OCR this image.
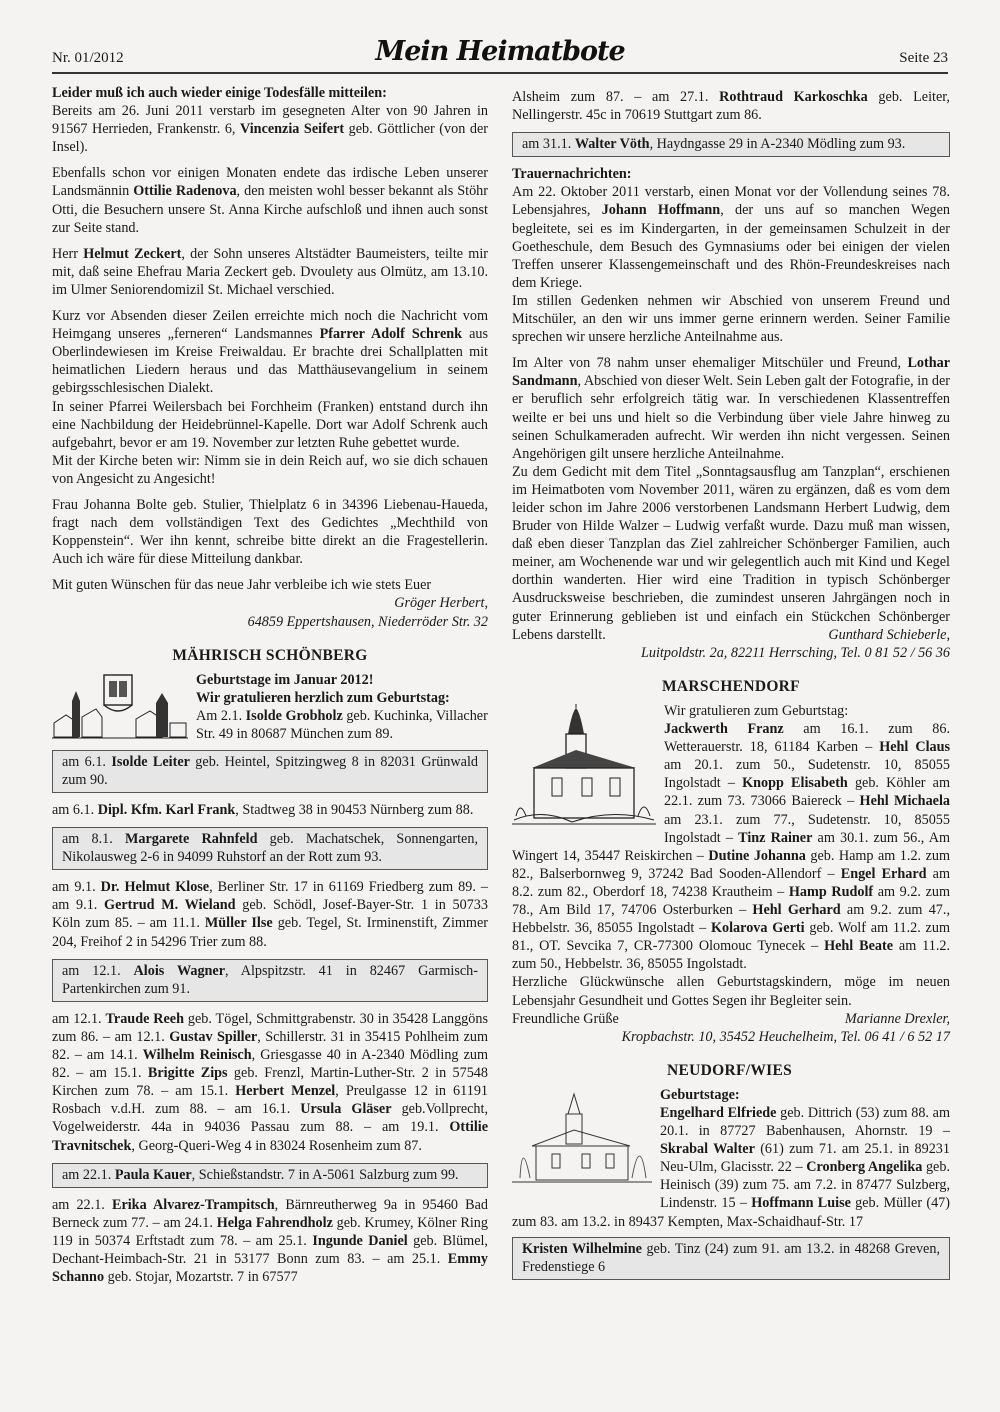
Nr. 01/2012	Mein Heimatbote	Seite 23

Leider muß ich auch wieder einige Todesfälle mitteilen:
Bereits am 26. Juni 2011 verstarb im gesegneten Alter von 90 Jahren in 91567 Herrieden, Frankenstr. 6, Vincenzia Seifert geb. Göttlicher (von der Insel).

Ebenfalls schon vor einigen Monaten endete das irdische Leben unserer Landsmännin Ottilie Radenova, den meisten wohl besser bekannt als Stöhr Otti, die Besuchern unsere St. Anna Kirche aufschloß und ihnen auch sonst zur Seite stand.

Herr Helmut Zeckert, der Sohn unseres Altstädter Baumeisters, teilte mir mit, daß seine Ehefrau Maria Zeckert geb. Dvoulety aus Olmütz, am 13.10. im Ulmer Seniorendomizil St. Michael verschied.

Kurz vor Absenden dieser Zeilen erreichte mich noch die Nachricht vom Heimgang unseres „ferneren“ Landsmannes Pfarrer Adolf Schrenk aus Oberlindewiesen im Kreise Freiwaldau. Er brachte drei Schallplatten mit heimatlichen Liedern heraus und das Matthäusevangelium in seinem gebirgsschlesischen Dialekt.
In seiner Pfarrei Weilersbach bei Forchheim (Franken) entstand durch ihn eine Nachbildung der Heidebrünnel-Kapelle. Dort war Adolf Schrenk auch aufgebahrt, bevor er am 19. November zur letzten Ruhe gebettet wurde.
Mit der Kirche beten wir: Nimm sie in dein Reich auf, wo sie dich schauen von Angesicht zu Angesicht!

Frau Johanna Bolte geb. Stulier, Thielplatz 6 in 34396 Liebenau-Haueda, fragt nach dem vollständigen Text des Gedichtes „Mechthild von Koppenstein“. Wer ihn kennt, schreibe bitte direkt an die Fragestellerin. Auch ich wäre für diese Mitteilung dankbar.

Mit guten Wünschen für das neue Jahr verbleibe ich wie stets Euer

Gröger Herbert,
64859 Eppertshausen, Niederröder Str. 32
MÄHRISCH SCHÖNBERG
Geburtstage im Januar 2012!
Wir gratulieren herzlich zum Geburtstag:
Am 2.1. Isolde Grobholz geb. Kuchinka, Villacher Str. 49 in 80687 München zum 89.
am 6.1. Isolde Leiter geb. Heintel, Spitzingweg 8 in 82031 Grünwald zum 90.

am 6.1. Dipl. Kfm. Karl Frank, Stadtweg 38 in 90453 Nürnberg zum 88.

am 8.1. Margarete Rahnfeld geb. Machatschek, Sonnengarten, Nikolausweg 2-6 in 94099 Ruhstorf an der Rott zum 93.

am 9.1. Dr. Helmut Klose, Berliner Str. 17 in 61169 Friedberg zum 89. – am 9.1. Gertrud M. Wieland geb. Schödl, Josef-Bayer-Str. 1 in 50733 Köln zum 85. – am 11.1. Müller Ilse geb. Tegel, St. Irminenstift, Zimmer 204, Freihof 2 in 54296 Trier zum 88.

am 12.1. Alois Wagner, Alpspitzstr. 41 in 82467 Garmisch-Partenkirchen zum 91.

am 12.1. Traude Reeh geb. Tögel, Schmittgrabenstr. 30 in 35428 Langgöns zum 86. – am 12.1. Gustav Spiller, Schillerstr. 31 in 35415 Pohlheim zum 82. – am 14.1. Wilhelm Reinisch, Griesgasse 40 in A-2340 Mödling zum 82. – am 15.1. Brigitte Zips geb. Frenzl, Martin-Luther-Str. 2 in 57548 Kirchen zum 78. – am 15.1. Herbert Menzel, Preulgasse 12 in 61191 Rosbach v.d.H. zum 88. – am 16.1. Ursula Gläser geb.Vollprecht, Vogelweiderstr. 44a in 94036 Passau zum 88. – am 19.1. Ottilie Travnitschek, Georg-Queri-Weg 4 in 83024 Rosenheim zum 87.

am 22.1. Paula Kauer, Schießstandstr. 7 in A-5061 Salzburg zum 99.

am 22.1. Erika Alvarez-Trampitsch, Bärnreutherweg 9a in 95460 Bad Berneck zum 77. – am 24.1. Helga Fahrendholz geb. Krumey, Kölner Ring 119 in 50374 Erftstadt zum 78. – am 25.1. Ingunde Daniel geb. Blümel, Dechant-Heimbach-Str. 21 in 53177 Bonn zum 83. – am 25.1. Emmy Schanno geb. Stojar, Mozartstr. 7 in 67577

Alsheim zum 87. – am 27.1. Rothtraud Karkoschka geb. Leiter, Nellingerstr. 45c in 70619 Stuttgart zum 86.

am 31.1. Walter Vöth, Haydngasse 29 in A-2340 Mödling zum 93.

Trauernachrichten:
Am 22. Oktober 2011 verstarb, einen Monat vor der Vollendung seines 78. Lebensjahres, Johann Hoffmann, der uns auf so manchen Wegen begleitete, sei es im Kindergarten, in der gemeinsamen Schulzeit in der Goetheschule, dem Besuch des Gymnasiums oder bei einigen der vielen Treffen unserer Klassengemeinschaft und des Rhön-Freundeskreises nach dem Kriege.
Im stillen Gedenken nehmen wir Abschied von unserem Freund und Mitschüler, an den wir uns immer gerne erinnern werden. Seiner Familie sprechen wir unsere herzliche Anteilnahme aus.

Im Alter von 78 nahm unser ehemaliger Mitschüler und Freund, Lothar Sandmann, Abschied von dieser Welt. Sein Leben galt der Fotografie, in der er beruflich sehr erfolgreich tätig war. In verschiedenen Klassentreffen weilte er bei uns und hielt so die Verbindung über viele Jahre hinweg zu seinen Schulkameraden aufrecht. Wir werden ihn nicht vergessen. Seinen Angehörigen gilt unsere herzliche Anteilnahme.
Zu dem Gedicht mit dem Titel „Sonntagsausflug am Tanzplan“, erschienen im Heimatboten vom November 2011, wären zu ergänzen, daß es vom dem leider schon im Jahre 2006 verstorbenen Landsmann Herbert Ludwig, dem Bruder von Hilde Walzer – Ludwig verfaßt wurde. Dazu muß man wissen, daß eben dieser Tanzplan das Ziel zahlreicher Schönberger Familien, auch meiner, am Wochenende war und wir gelegentlich auch mit Kind und Kegel dorthin wanderten. Hier wird eine Tradition in typisch Schönberger Ausdrucksweise beschrieben, die zumindest unseren Jahrgängen noch in guter Erinnerung geblieben ist und einfach ein Stückchen Schönberger Lebens darstellt.	Gunthard Schieberle,
Luitpoldstr. 2a, 82211 Herrsching, Tel. 0 81 52 / 56 36
MARSCHENDORF
Wir gratulieren zum Geburtstag:
Jackwerth Franz am 16.1. zum 86. Wetterauerstr. 18, 61184 Karben – Hehl Claus am 20.1. zum 50., Sudetenstr. 10, 85055 Ingolstadt – Knopp Elisabeth geb. Köhler am 22.1. zum 73. 73066 Baiereck – Hehl Michaela am 23.1. zum 77., Sudetenstr. 10, 85055 Ingolstadt – Tinz Rainer am 30.1. zum 56., Am Wingert 14, 35447 Reiskirchen – Dutine Johanna geb. Hamp am 1.2. zum 82., Balserbornweg 9, 37242 Bad Sooden-Allendorf – Engel Erhard am 8.2. zum 82., Oberdorf 18, 74238 Krautheim – Hamp Rudolf am 9.2. zum 78., Am Bild 17, 74706 Osterburken – Hehl Gerhard am 9.2. zum 47., Hebbelstr. 36, 85055 Ingolstadt – Kolarova Gerti geb. Wolf am 11.2. zum 81., OT. Sevcika 7, CR-77300 Olomouc Tynecek – Hehl Beate am 11.2. zum 50., Hebbelstr. 36, 85055 Ingolstadt.
Herzliche Glückwünsche allen Geburtstagskindern, möge im neuen Lebensjahr Gesundheit und Gottes Segen ihr Begleiter sein.
Freundliche Grüße	Marianne Drexler,
Kropbachstr. 10, 35452 Heuchelheim, Tel. 06 41 / 6 52 17
NEUDORF/WIES
Geburtstage:
Engelhard Elfriede geb. Dittrich (53) zum 88. am 20.1. in 87727 Babenhausen, Ahornstr. 19 – Skrabal Walter (61) zum 71. am 25.1. in 89231 Neu-Ulm, Glacisstr. 22 – Cronberg Angelika geb. Heinisch (39) zum 75. am 7.2. in 87477 Sulzberg, Lindenstr. 15 – Hoffmann Luise geb. Müller (47) zum 83. am 13.2. in 89437 Kempten, Max-Schaidhauf-Str. 17
Kristen Wilhelmine geb. Tinz (24) zum 91. am 13.2. in 48268 Greven, Fredenstiege 6
